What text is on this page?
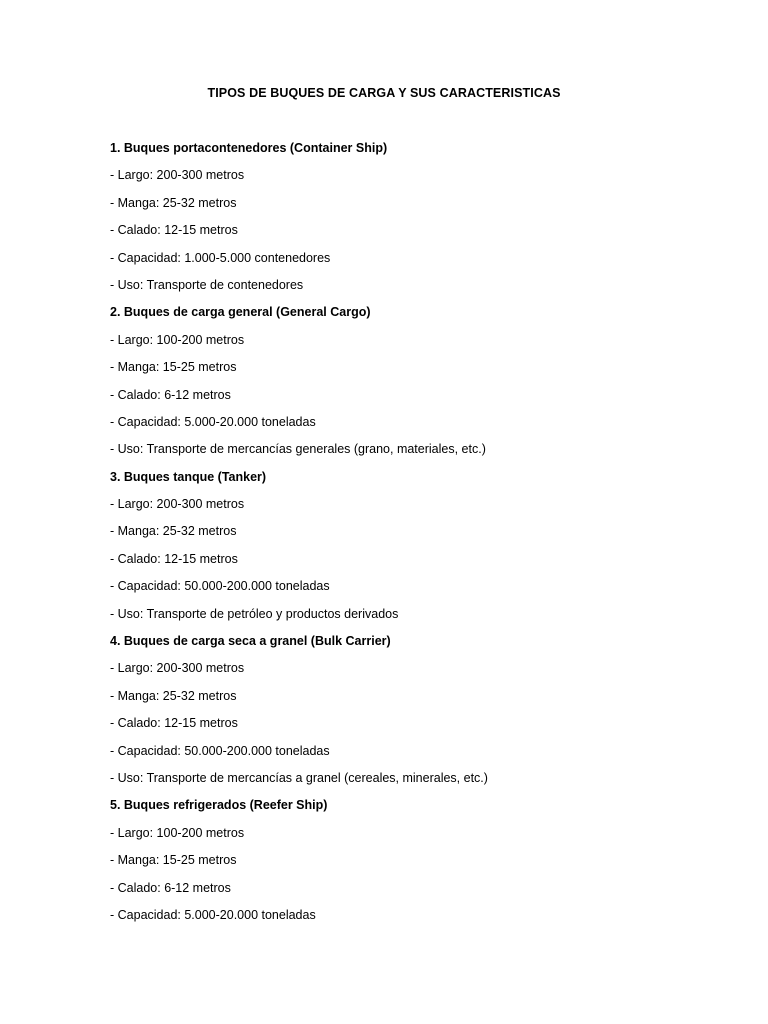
TIPOS DE BUQUES DE CARGA Y SUS CARACTERISTICAS
1. Buques portacontenedores (Container Ship)
- Largo: 200-300 metros
- Manga: 25-32 metros
- Calado: 12-15 metros
- Capacidad: 1.000-5.000 contenedores
- Uso: Transporte de contenedores
2. Buques de carga general (General Cargo)
- Largo: 100-200 metros
- Manga: 15-25 metros
- Calado: 6-12 metros
- Capacidad: 5.000-20.000 toneladas
- Uso: Transporte de mercancías generales (grano, materiales, etc.)
3. Buques tanque (Tanker)
- Largo: 200-300 metros
- Manga: 25-32 metros
- Calado: 12-15 metros
- Capacidad: 50.000-200.000 toneladas
- Uso: Transporte de petróleo y productos derivados
4. Buques de carga seca a granel (Bulk Carrier)
- Largo: 200-300 metros
- Manga: 25-32 metros
- Calado: 12-15 metros
- Capacidad: 50.000-200.000 toneladas
- Uso: Transporte de mercancías a granel (cereales, minerales, etc.)
5. Buques refrigerados (Reefer Ship)
- Largo: 100-200 metros
- Manga: 15-25 metros
- Calado: 6-12 metros
- Capacidad: 5.000-20.000 toneladas
